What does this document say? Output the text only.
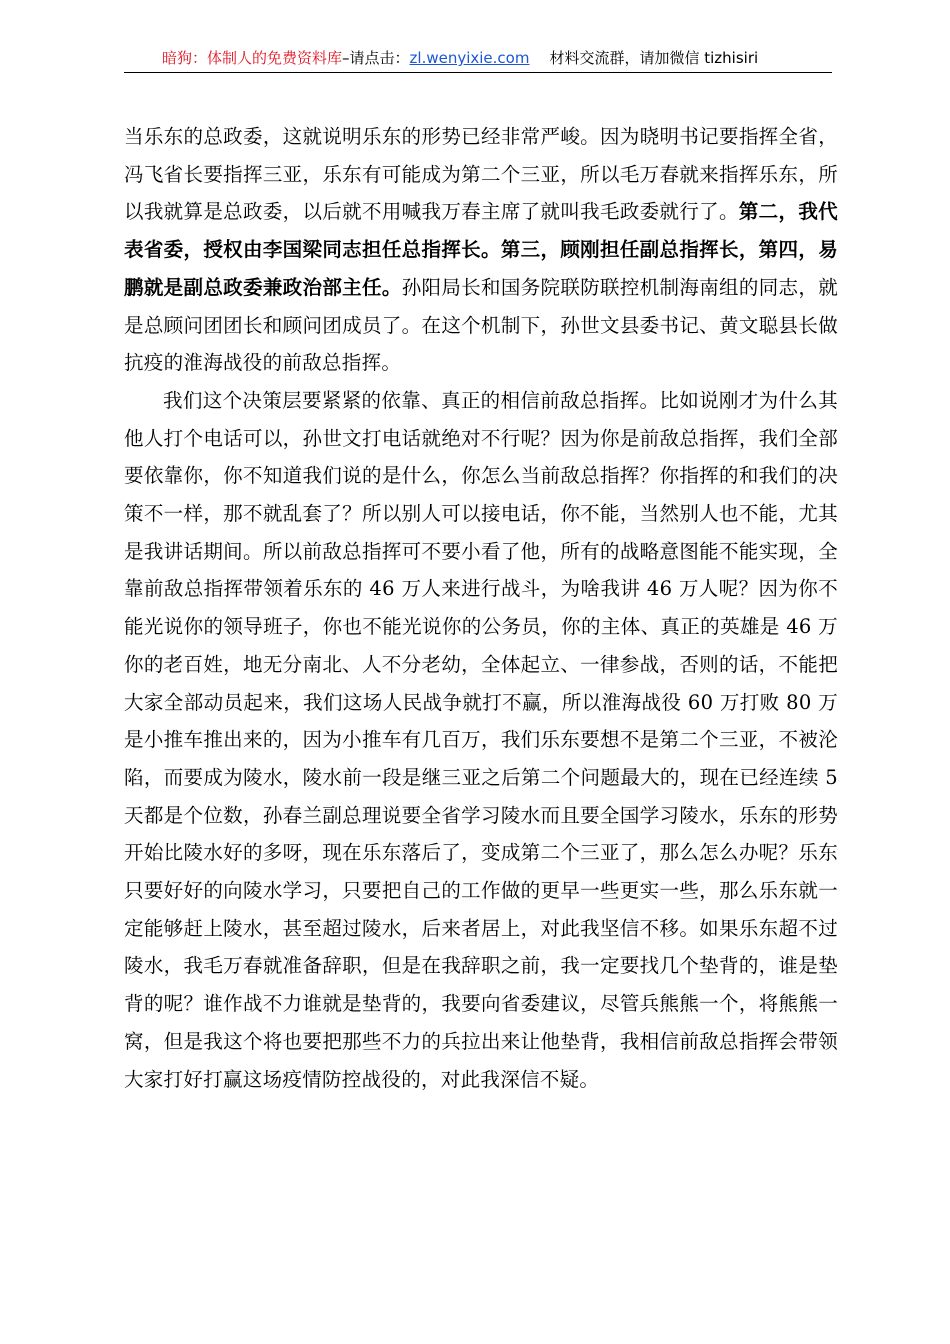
暗狗：体制人的免费资料库–请点击：zl.wenyixie.com 材料交流群，请加微信 tizhisiri

当乐东的总政委，这就说明乐东的形势已经非常严峻。因为晓明书记要指挥全省，冯飞省长要指挥三亚，乐东有可能成为第二个三亚，所以毛万春就来指挥乐东，所以我就算是总政委，以后就不用喊我万春主席了就叫我毛政委就行了。第二，我代表省委，授权由李国梁同志担任总指挥长。第三，顾刚担任副总指挥长，第四，易鹏就是副总政委兼政治部主任。孙阳局长和国务院联防联控机制海南组的同志，就是总顾问团团长和顾问团成员了。在这个机制下，孙世文县委书记、黄文聪县长做抗疫的淮海战役的前敌总指挥。

我们这个决策层要紧紧的依靠、真正的相信前敌总指挥。比如说刚才为什么其他人打个电话可以，孙世文打电话就绝对不行呢？因为你是前敌总指挥，我们全部要依靠你，你不知道我们说的是什么，你怎么当前敌总指挥？你指挥的和我们的决策不一样，那不就乱套了？所以别人可以接电话，你不能，当然别人也不能，尤其是我讲话期间。所以前敌总指挥可不要小看了他，所有的战略意图能不能实现，全靠前敌总指挥带领着乐东的 46 万人来进行战斗，为啥我讲 46 万人呢？因为你不能光说你的领导班子，你也不能光说你的公务员，你的主体、真正的英雄是 46 万你的老百姓，地无分南北、人不分老幼，全体起立、一律参战，否则的话，不能把大家全部动员起来，我们这场人民战争就打不赢，所以淮海战役 60 万打败 80 万是小推车推出来的，因为小推车有几百万，我们乐东要想不是第二个三亚，不被沦陷，而要成为陵水，陵水前一段是继三亚之后第二个问题最大的，现在已经连续 5 天都是个位数，孙春兰副总理说要全省学习陵水而且要全国学习陵水，乐东的形势开始比陵水好的多呀，现在乐东落后了，变成第二个三亚了，那么怎么办呢？乐东只要好好的向陵水学习，只要把自己的工作做的更早一些更实一些，那么乐东就一定能够赶上陵水，甚至超过陵水，后来者居上，对此我坚信不移。如果乐东超不过陵水，我毛万春就准备辞职，但是在我辞职之前，我一定要找几个垫背的，谁是垫背的呢？谁作战不力谁就是垫背的，我要向省委建议，尽管兵熊熊一个，将熊熊一窝，但是我这个将也要把那些不力的兵拉出来让他垫背，我相信前敌总指挥会带领大家打好打赢这场疫情防控战役的，对此我深信不疑。
